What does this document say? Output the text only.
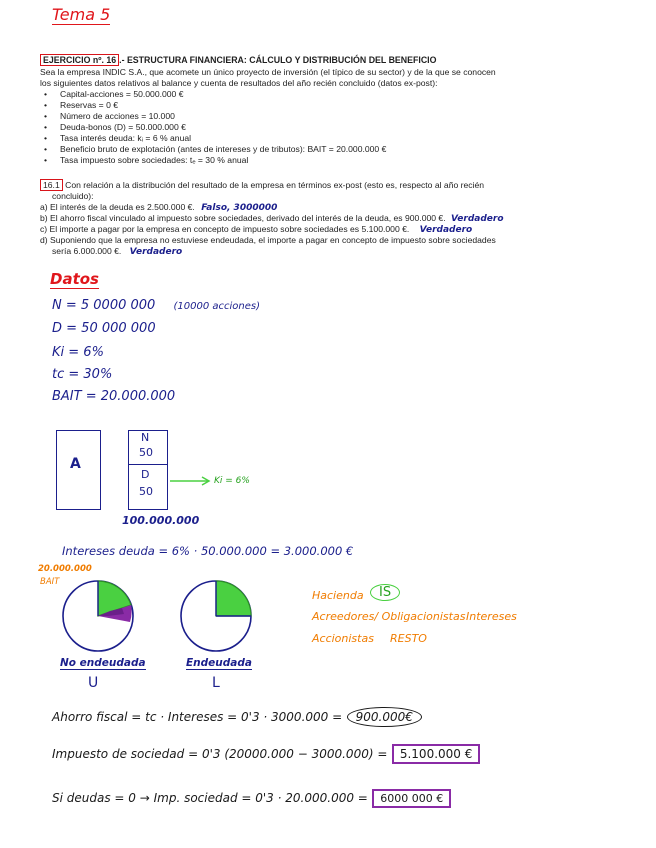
Tema 5
EJERCICIO nº. 16 .- ESTRUCTURA FINANCIERA: CÁLCULO Y DISTRIBUCIÓN DEL BENEFICIO
Sea la empresa INDIC S.A., que acomete un único proyecto de inversión (el típico de su sector) y de la que se conocen
los siguientes datos relativos al balance y cuenta de resultados del año recién concluido (datos ex-post):
• Capital-acciones = 50.000.000 €
• Reservas = 0 €
• Número de acciones = 10.000
• Deuda-bonos (D) = 50.000.000 €
• Tasa interés deuda: kᵢ = 6 % anual
• Beneficio bruto de explotación (antes de intereses y de tributos): BAIT = 20.000.000 €
• Tasa impuesto sobre sociedades: tₑ = 30 % anual
16.1 Con relación a la distribución del resultado de la empresa en términos ex-post (esto es, respecto al año recién
concluido):
a) El interés de la deuda es 2.500.000 €. Falso, 3000000
b) El ahorro fiscal vinculado al impuesto sobre sociedades, derivado del interés de la deuda, es 900.000 €. Verdadero
c) El importe a pagar por la empresa en concepto de impuesto sobre sociedades es 5.100.000 €. Verdadero
d) Suponiendo que la empresa no estuviese endeudada, el importe a pagar en concepto de impuesto sobre sociedades
sería 6.000.000 €. Verdadero
Datos
N = 5 0000 000 (10000 acciones)
D = 50 000 000
Ki = 6%
tc = 30%
BAIT = 20.000.000
A
N
50
D
50
100.000.000
Ki = 6%
Intereses deuda = 6% · 50.000.000 = 3.000.000 €
20.000.000
BAIT
No endeudada
U
Endeudada
L
Hacienda	IS
Acreedores/ Obligacionistas Intereses
Accionistas RESTO
Ahorro fiscal = tc · Intereses = 0'3 · 3000.000 = 900.000€
Impuesto de sociedad = 0'3 (20000.000 − 3000.000) = 5.100.000 €
Si deudas = 0 → Imp. sociedad = 0'3 · 20.000.000 = 6000 000 €
